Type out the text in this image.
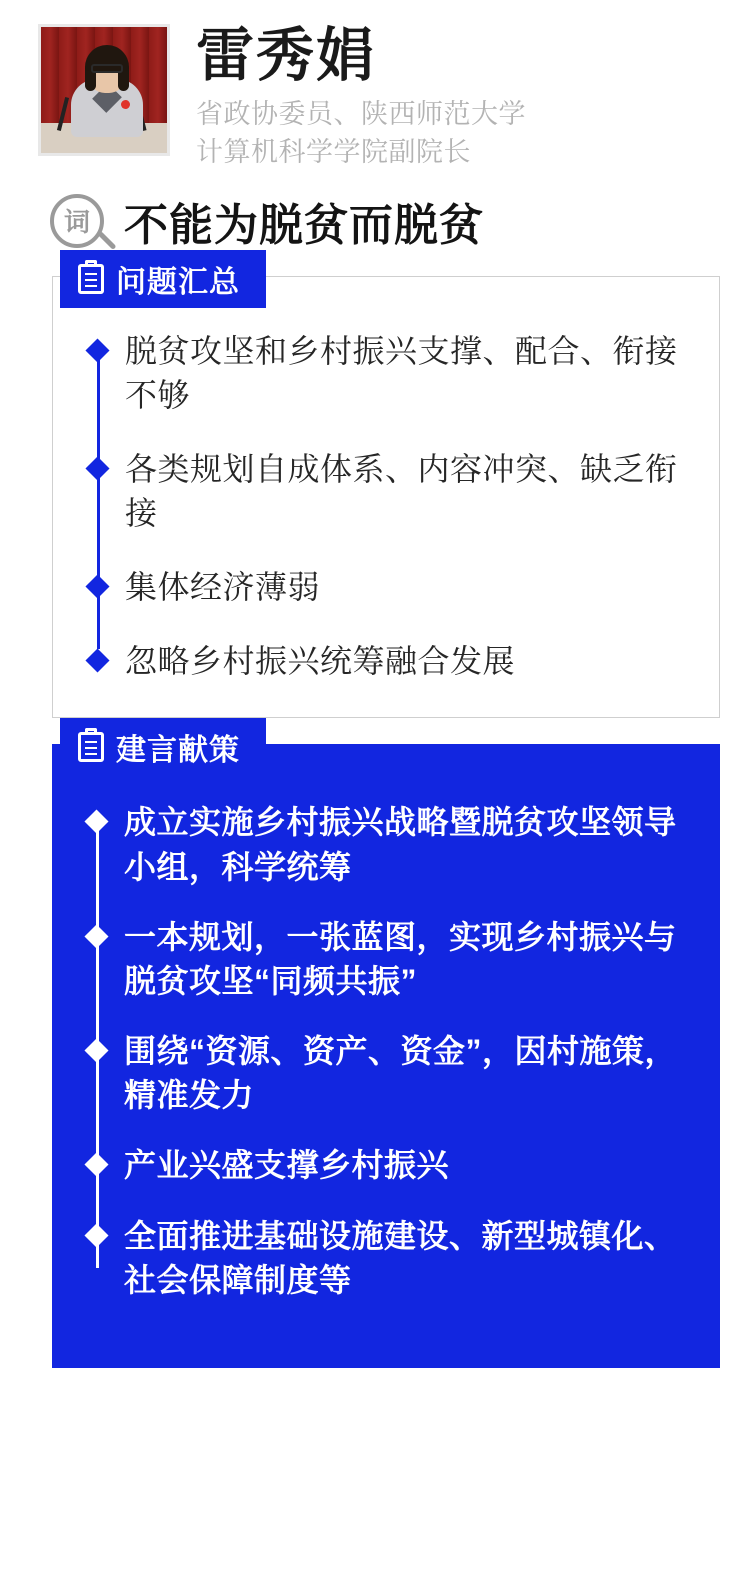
雷秀娟
省政协委员、陕西师范大学
计算机科学学院副院长
词 不能为脱贫而脱贫
问题汇总
脱贫攻坚和乡村振兴支撑、配合、衔接不够
各类规划自成体系、内容冲突、缺乏衔接
集体经济薄弱
忽略乡村振兴统筹融合发展
建言献策
成立实施乡村振兴战略暨脱贫攻坚领导小组，科学统筹
一本规划，一张蓝图，实现乡村振兴与脱贫攻坚“同频共振”
围绕“资源、资产、资金”，因村施策，精准发力
产业兴盛支撑乡村振兴
全面推进基础设施建设、新型城镇化、社会保障制度等
